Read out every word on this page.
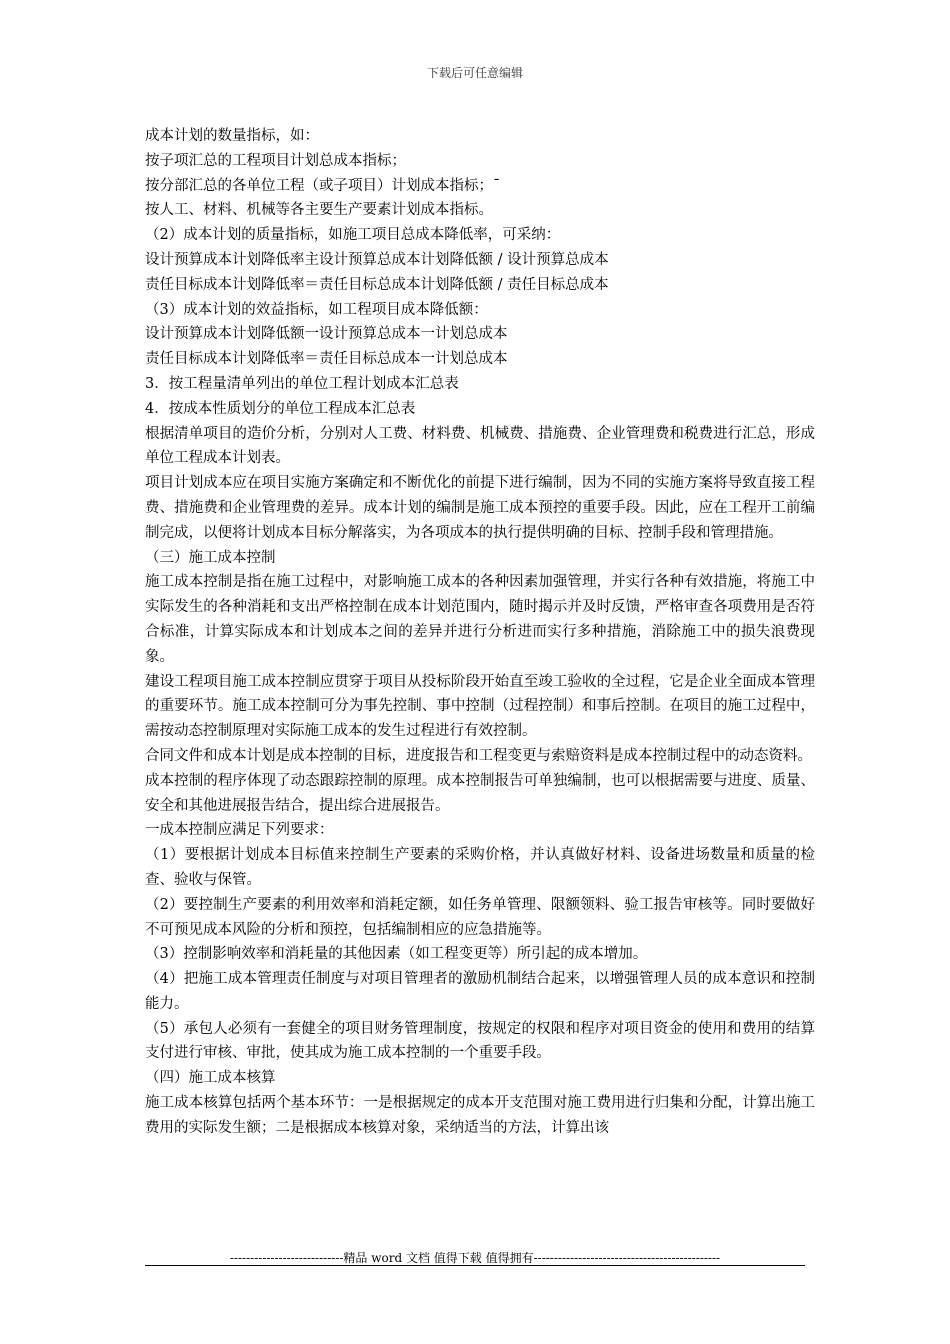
下载后可任意编辑

成本计划的数量指标，如：

按子项汇总的工程项目计划总成本指标；

按分部汇总的各单位工程（或子项目）计划成本指标；¯

按人工、材料、机械等各主要生产要素计划成本指标。

（2）成本计划的质量指标，如施工项目总成本降低率，可采纳：

设计预算成本计划降低率主设计预算总成本计划降低额 / 设计预算总成本

责任目标成本计划降低率＝责任目标总成本计划降低额 / 责任目标总成本

（3）成本计划的效益指标，如工程项目成本降低额：

设计预算成本计划降低额一设计预算总成本一计划总成本

责任目标成本计划降低率＝责任目标总成本一计划总成本

3．按工程量清单列出的单位工程计划成本汇总表

4．按成本性质划分的单位工程成本汇总表

根据清单项目的造价分析，分别对人工费、材料费、机械费、措施费、企业管理费和税费进行汇总，形成单位工程成本计划表。

项目计划成本应在项目实施方案确定和不断优化的前提下进行编制，因为不同的实施方案将导致直接工程费、措施费和企业管理费的差异。成本计划的编制是施工成本预控的重要手段。因此，应在工程开工前编制完成，以便将计划成本目标分解落实，为各项成本的执行提供明确的目标、控制手段和管理措施。

（三）施工成本控制

施工成本控制是指在施工过程中，对影响施工成本的各种因素加强管理，并实行各种有效措施，将施工中实际发生的各种消耗和支出严格控制在成本计划范围内，随时揭示并及时反馈，严格审查各项费用是否符合标准，计算实际成本和计划成本之间的差异并进行分析进而实行多种措施，消除施工中的损失浪费现象。

建设工程项目施工成本控制应贯穿于项目从投标阶段开始直至竣工验收的全过程，它是企业全面成本管理的重要环节。施工成本控制可分为事先控制、事中控制（过程控制）和事后控制。在项目的施工过程中，需按动态控制原理对实际施工成本的发生过程进行有效控制。

合同文件和成本计划是成本控制的目标，进度报告和工程变更与索赔资料是成本控制过程中的动态资料。

成本控制的程序体现了动态跟踪控制的原理。成本控制报告可单独编制，也可以根据需要与进度、质量、安全和其他进展报告结合，提出综合进展报告。

一成本控制应满足下列要求：

（1）要根据计划成本目标值来控制生产要素的采购价格，并认真做好材料、设备进场数量和质量的检查、验收与保管。

（2）要控制生产要素的利用效率和消耗定额，如任务单管理、限额领料、验工报告审核等。同时要做好不可预见成本风险的分析和预控，包括编制相应的应急措施等。

（3）控制影响效率和消耗量的其他因素（如工程变更等）所引起的成本增加。

（4）把施工成本管理责任制度与对项目管理者的激励机制结合起来，以增强管理人员的成本意识和控制能力。

（5）承包人必须有一套健全的项目财务管理制度，按规定的权限和程序对项目资金的使用和费用的结算支付进行审核、审批，使其成为施工成本控制的一个重要手段。

（四）施工成本核算

施工成本核算包括两个基本环节：一是根据规定的成本开支范围对施工费用进行归集和分配，计算出施工费用的实际发生额；二是根据成本核算对象，采纳适当的方法，计算出该

----------------------------精品 word 文档 值得下载 值得拥有----------------------------------------------
